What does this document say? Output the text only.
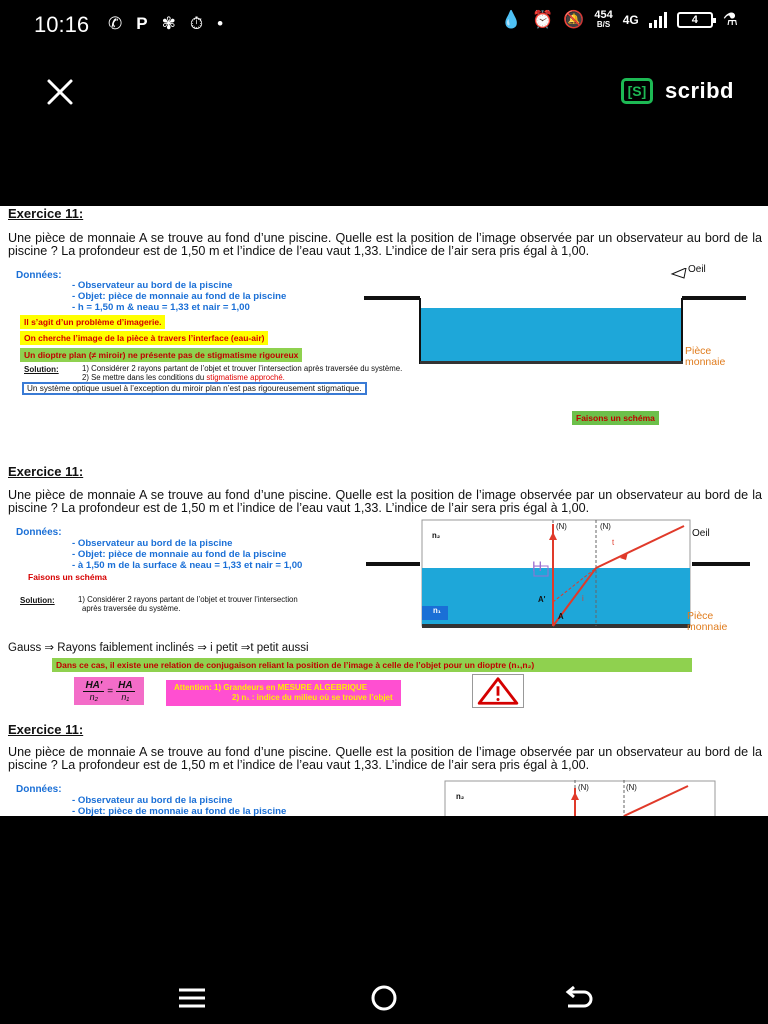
10:16 ✆ P ✾ ⏱ •	💧 ⏰ 🔕 454
B/S 4G	4	⚗
[S] scribd
Exercice 11:
Une pièce de monnaie A se trouve au fond d’une piscine. Quelle est la position de l’image observée par un observateur au bord de la piscine ? La profondeur est de 1,50 m et l’indice de l’eau vaut 1,33. L’indice de l’air sera pris égal à 1,00.
Données:
- Observateur au bord de la piscine
- Objet: pièce de monnaie au fond de la piscine
- h = 1,50 m & neau = 1,33 et nair = 1,00
Il s’agit d’un problème d’imagerie.
On cherche l’image de la pièce à travers l’interface (eau-air)
Un dioptre plan (≠ miroir) ne présente pas de stigmatisme rigoureux
Solution:	1) Considérer 2 rayons partant de l’objet et trouver l’intersection après traversée du système.
2) Se mettre dans les conditions du stigmatisme approché.
Un système optique usuel à l’exception du miroir plan n’est pas rigoureusement stigmatique.
Faisons un schéma
Oeil
Pièce
monnaie
Exercice 11:
Une pièce de monnaie A se trouve au fond d’une piscine. Quelle est la position de l’image observée par un observateur au bord de la piscine ? La profondeur est de 1,50 m et l’indice de l’eau vaut 1,33. L’indice de l’air sera pris égal à 1,00.
Données:
- Observateur au bord de la piscine
- Objet: pièce de monnaie au fond de la piscine
- à 1,50 m de la surface & neau = 1,33 et nair = 1,00
Faisons un schéma
Solution:	1) Considérer 2 rayons partant de l’objet et trouver l’intersection
après traversée du système.
n₂
n₁
(N)	(N)
t
i
A
A'
H
Oeil
Pièce
monnaie
Gauss ⇒ Rayons faiblement inclinés ⇒ i petit ⇒t petit aussi
Dans ce cas, il existe une relation de conjugaison reliant la position de l’image à celle de l’objet pour un dioptre (n₁,n₂)
$\frac{HA'}{\text{n₂}} = \frac{HA}{\text{n₁}}$	Attention: 1) Grandeurs en MESURE ALGEBRIQUE
2) n₁ : indice du milieu où se trouve l’objet
Exercice 11:
Une pièce de monnaie A se trouve au fond d’une piscine. Quelle est la position de l’image observée par un observateur au bord de la piscine ? La profondeur est de 1,50 m et l’indice de l’eau vaut 1,33. L’indice de l’air sera pris égal à 1,00.
Données:
- Observateur au bord de la piscine
- Objet: pièce de monnaie au fond de la piscine
n₂
(N)	(N)
